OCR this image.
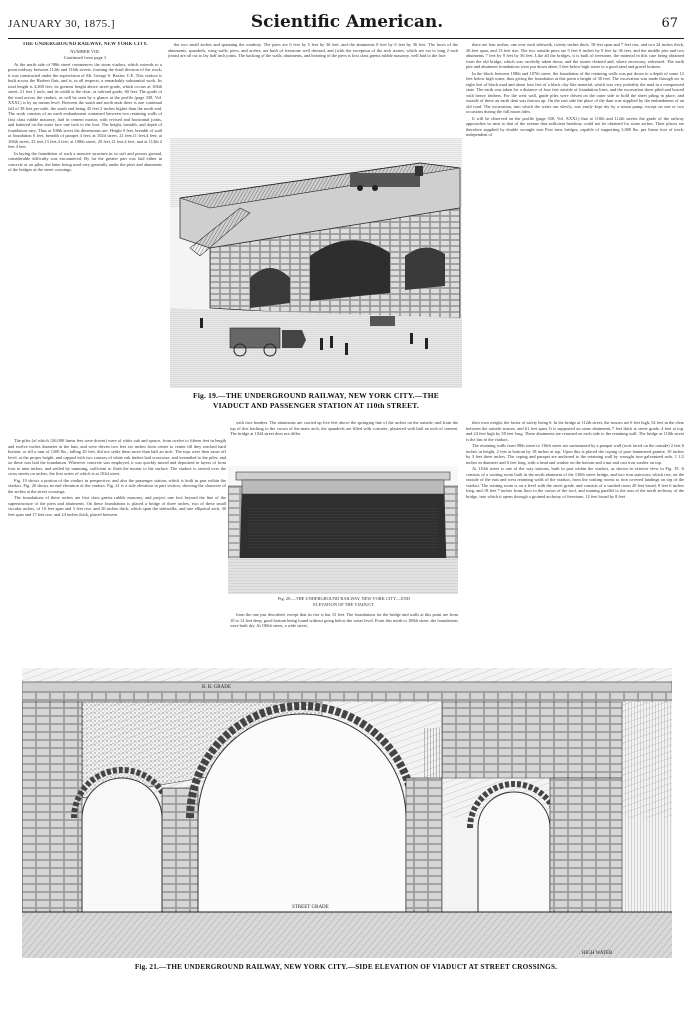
JANUARY 30, 1875.]	Scientific American.	67

THE UNDERGROUND RAILWAY, NEW YORK CITY.

NUMBER VIII.

Continued from page 1

At the north side of 98th street commences the stone viaduct, which extends to a point midway between 112th and 116th streets, forming the third division of the work; it was constructed under the supervision of Mr. George S. Baxter, C.E. This viaduct is built across the Harlem flats, and is, in all respects, a remarkably substantial work. Its total length is 4,268 feet, its greatest height above street grade, which occurs at 104th street, 21 feet 1 inch, and its width is the clear, at railroad grade, 60 feet. The grade of the road across the viaduct, as will be seen by a glance at the profile (page 338, Vol. XXXI.) is by no means level. Between the south and north ends there is one continual fall of 38 feet per mile, the south end being 45 feet 2 inches higher than the north end. The work consists of an earth embankment contained between two retaining walls of first class rubble masonry, laid in cement mortar, with revised and horizontal joints, and battered on the outer face one inch to the foot. The height, breadth, and depth of foundation vary. Thus at 100th street the dimensions are: Height 9 feet, breadth of wall at foundation 6 feet, breadth of parapet 4 feet; at 102d street, 21 feet,11 feet,4 feet; at 104th street, 23 feet,13 feet,4 feet; at 108th street, 20 feet,12 feet,4 feet, and at 112th 2 feet 4 feet.

In laying the foundation of such a massive structure in so soft and porous ground, considerable difficulty was encountered. By far the greater part was laid either in concrete or on piles, the latter being used very generally under the piers and abutments of the bridges at the street crossings.

The piles (of which 126,000 linear feet were driven) were of white oak and spruce, from twelve to fifteen feet in length and twelve inches diameter at the butt, and were driven two feet six inches from center to center till they reached hard bottom, or till a ram of 1200 lbs., falling 20 feet, did not settle them more than half an inch. The tops were then sawn off level, at the proper height, and capped with two courses of white oak timber laid crosswise, and treenailed to the piles; and on these was laid the foundation. Wherever concrete was employed, it was quickly mixed and deposited in layers of from four to nine inches, and settled by ramming, sufficient to flush the mortar to the surface. The viaduct is carried over the cross streets on arches, the first series of which is at 102d street.

Fig. 19 shows a portion of the viaduct in perspective, and also the passenger station, which is built in part within the viaduct. Fig. 20 shows an end elevation of the viaduct. Fig. 21 is a side elevation in part section, showing the character of the arches at the street crossings.

The foundations of these arches are first class gneiss rubble masonry, and project one foot beyond the line of the superstructure of the piers and abutments. On these foundations is placed a bridge of three arches, two of these small circular arches, of 10 feet span and 3 feet rise, and 20 inches thick, which span the sidewalks, and one elliptical arch, 30 feet span and 17 feet rise, and 24 inches thick, placed between

the two small arches and spanning the roadway. The piers are 6 feet by 5 feet by 36 feet, and the abutments 8 feet by 6 feet by 36 feet. The faces of the abutments, spandrels, wing walls, piers, and arches, are built of freestone well dressed, and (with the exception of the arch stones, which are cut to long 2 inch joints) are all cut to lay half inch joints. The backing of the walls, abutments, and hearting of the piers is first class gneiss rubble masonry, well laid to the face

there are four arches, one over each sidewalk, twenty inches thick, 18 feet span and 7 feet rise, and two 24 inches thick, 26 feet span, and 13 feet rise. The two outside piers are 5 feet 6 inches by 9 feet by 36 feet, and the middle pier and two abutments 7 feet by 9 feet by 36 feet. Like all the bridges, it is built of freestone, the material in this case being obtained from the old bridge, which was carefully taken down, and the stones cleaned and, where necessary, redressed. The earth pier and abutment foundations were put down about 3 feet below high water to a good sand and gravel bottom.

In the block between 108th and 107th street, the foundation of the retaining walls was put down to a depth of some 12 feet below high water, thus giving the foundation at this point a height of 30 feet. The excavation was made through six to eight feet of black mud and about four feet of a black clay like material, which was very probably the mud in a compressed state. The earth was taken for a distance of four feet outside of foundation lines, and the excavation sheet piled and braced with heavy timbers. For the west wall, guide piles were driven on the outer side to hold the sheet piling in place, and outside of these an earth dam was thrown up. On the east side the place of the dam was supplied by the embankment of an old road. The excavation, into which the water ran slowly, was easily kept dry by a steam pump, except on one or two occasions during the full moon tides.

It will be observed on the profile (page 338, Vol. XXXI.) that at 110th and 112th streets the grade of the railway approaches so near to that of the avenue that sufficient headway could not be obtained for stone arches. Their places are therefore supplied by double wrought iron Post truss bridges, capable of supporting 3,000 lbs. per linear foot of track, independent of

Fig. 19.—THE UNDERGROUND RAILWAY, NEW YORK CITY.—THE
VIADUCT AND PASSENGER STATION AT 110th STREET.

with face headers. The abutments are carried up five feet above the springing line of the arches on the outside; and from the top of this backing to the crown of the main arch, the spandrels are filled with concrete, plastered with half an inch of cement. The bridge at 102d street does not differ

Fig. 20.—THE UNDERGROUND RAILWAY, NEW YORK CITY.—END
ELEVATION OF THE VIADUCT.

from the one just described, except that its rise is but 15 feet. The foundations for the bridge and walls at this point are from 10 to 12 feet deep, good bottom being found without going below the water level. From this north to 108th street, the foundations were built dry. At 106th street, a wide street,

their own weight, the factor of safety being 6. In the bridge at 112th street, the trusses are 6 feet high, 52 feet in the clear between the outside trusses, and 61 feet span. It is supported on stone abutments 7 feet thick at street grade, 4 feet at top, and 24 feet high by 58 feet long. These abutments are returned on each side to the retaining wall. The bridge at 110th street is the last in the viaduct.

The retaining walls from 98th street to 116th street are surmounted by a parapet wall (rock faced on the outside) 2 feet 6 inches in height, 2 feet at bottom by 18 inches at top. Upon this is placed the coping of pure hammered granite, 10 inches by 3 feet three inches. The coping and parapet are anchored to the retaining wall by wrought iron galvanized rods, 1 1/2 inches in diameter and 6 feet long, with a head and washer on the bottom and a nut and cast iron washer on top.

At 110th street is one of the way stations, built in part within the viaduct, as shown in exterior view in Fig. 19. It consists of a waiting room built in the north abutment of the 110th street bridge, and two iron stairways which rise, on the outside of the east and west retaining walls of the viaduct, from the waiting rooms to iron covered landings on top of the viaduct. The waiting room is on a level with the street grade, and consists of a vaulted room 20 feet broad, 9 feet 6 inches long, and 18 feet 7 inches from floor to the crown of the roof, and running parallel to the axis of the north archway of the bridge, into which it opens through a groined archway of freestone, 12 feet broad by 8 feet

R. R. GRADE
STREET GRADE
HIGH WATER
Fig. 21.—THE UNDERGROUND RAILWAY, NEW YORK CITY.—SIDE ELEVATION OF VIADUCT AT STREET CROSSINGS.
